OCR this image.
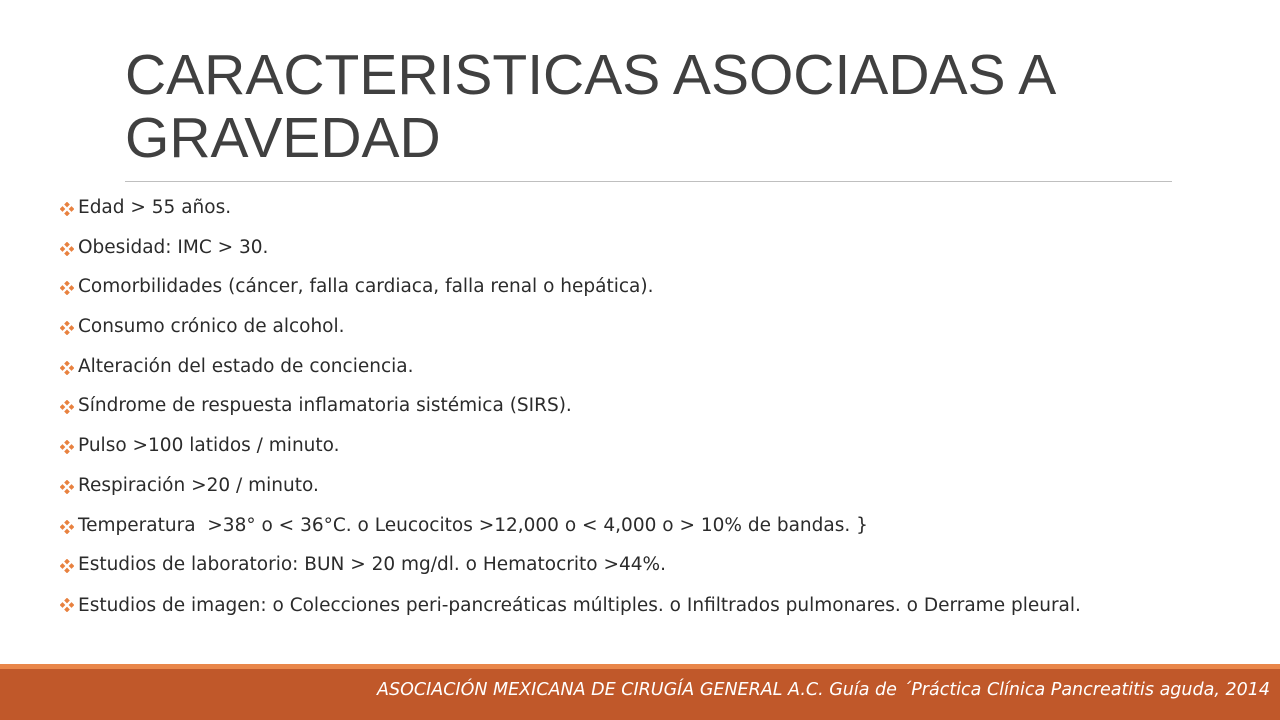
CARACTERISTICAS ASOCIADAS A GRAVEDAD
Edad > 55 años.
Obesidad: IMC > 30.
Comorbilidades (cáncer, falla cardiaca, falla renal o hepática).
Consumo crónico de alcohol.
Alteración del estado de conciencia.
Síndrome de respuesta inflamatoria sistémica (SIRS).
Pulso >100 latidos / minuto.
Respiración >20 / minuto.
Temperatura  >38° o < 36°C. o Leucocitos >12,000 o < 4,000 o > 10% de bandas. }
Estudios de laboratorio: BUN > 20 mg/dl. o Hematocrito >44%.
Estudios de imagen: o Colecciones peri-pancreáticas múltiples. o Infiltrados pulmonares. o Derrame pleural.

ASOCIACIÓN MEXICANA DE CIRUGÍA GENERAL A.C. Guía de ´Práctica Clínica Pancreatitis aguda, 2014
